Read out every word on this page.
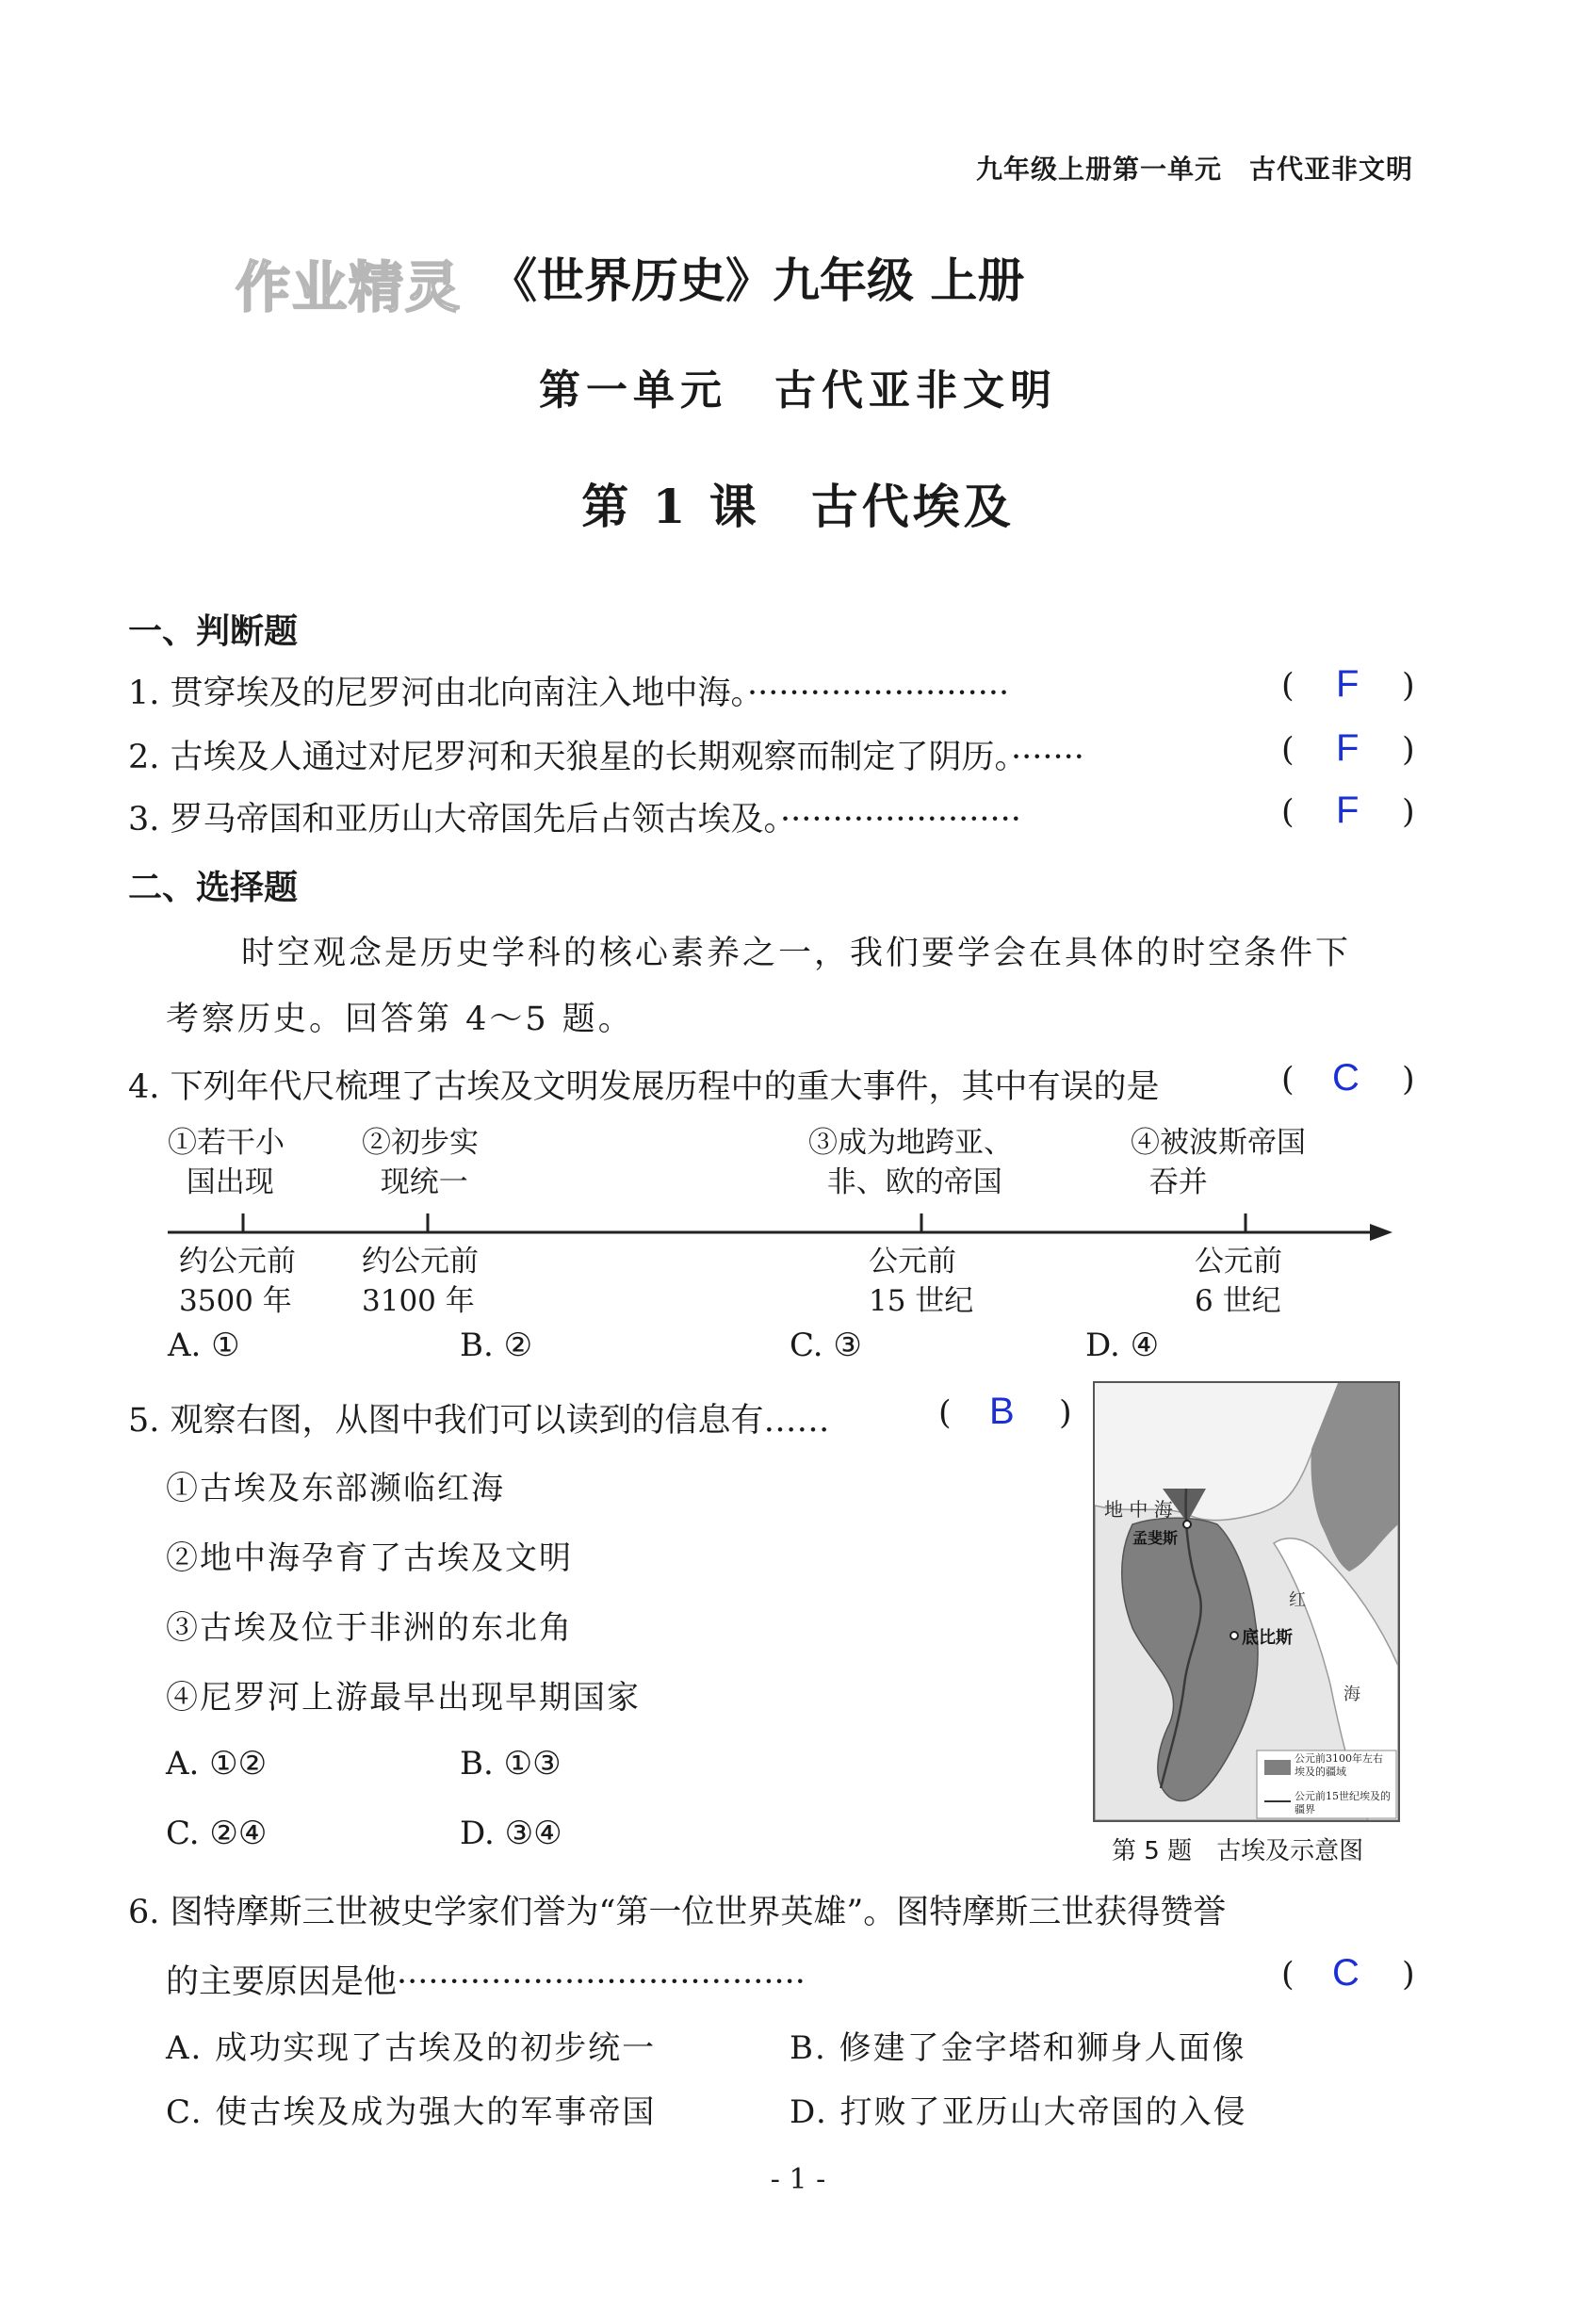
九年级上册第一单元　古代亚非文明
作业精灵 《世界历史》九年级 上册
第一单元　古代亚非文明
第 1 课　古代埃及
一、判断题
1. 贯穿埃及的尼罗河由北向南注入地中海。·························	( F )
2. 古埃及人通过对尼罗河和天狼星的长期观察而制定了阴历。·······	( F )
3. 罗马帝国和亚历山大帝国先后占领古埃及。·······················	( F )
二、选择题
时空观念是历史学科的核心素养之一，我们要学会在具体的时空条件下
考察历史。回答第 4～5 题。
4. 下列年代尺梳理了古埃及文明发展历程中的重大事件，其中有误的是	( C )
①若干小
国出现
②初步实
现统一
③成为地跨亚、
非、欧的帝国
④被波斯帝国
吞并
约公元前
3500 年
约公元前
3100 年
公元前
15 世纪
公元前
6 世纪
A. ①	B. ②	C. ③	D. ④
5. 观察右图，从图中我们可以读到的信息有……	( B )
①古埃及东部濒临红海
②地中海孕育了古埃及文明
③古埃及位于非洲的东北角
④尼罗河上游最早出现早期国家
A. ①②	B. ①③
C. ②④	D. ③④
地 中 海
孟斐斯
底比斯
红
海
公元前3100年左右埃及的疆域
公元前15世纪埃及的疆界
第 5 题　古埃及示意图
6. 图特摩斯三世被史学家们誉为“第一位世界英雄”。图特摩斯三世获得赞誉
的主要原因是他·······································	( C )
A. 成功实现了古埃及的初步统一	B. 修建了金字塔和狮身人面像
C. 使古埃及成为强大的军事帝国	D. 打败了亚历山大帝国的入侵
- 1 -
